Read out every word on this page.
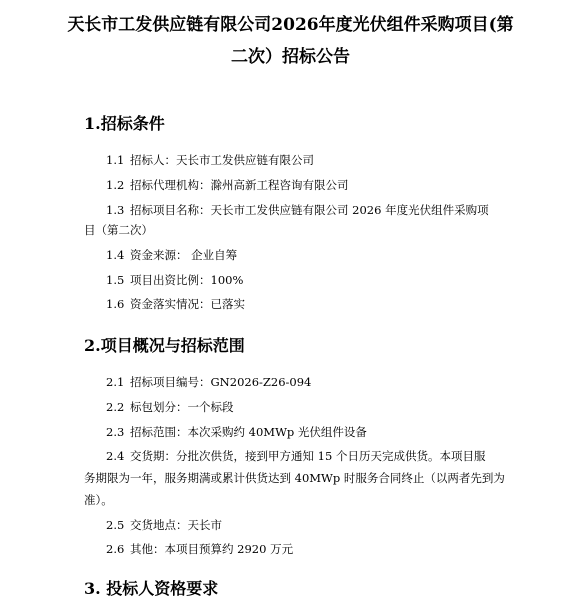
天长市工发供应链有限公司2026年度光伏组件采购项目(第
二次）招标公告
1.招标条件
1.1 招标人：天长市工发供应链有限公司
1.2 招标代理机构：滁州高新工程咨询有限公司
1.3 招标项目名称：天长市工发供应链有限公司 2026 年度光伏组件采购项
目（第二次）
1.4 资金来源： 企业自筹
1.5 项目出资比例：100%
1.6 资金落实情况：已落实
2.项目概况与招标范围
2.1 招标项目编号：GN2026-Z26-094
2.2 标包划分：一个标段
2.3 招标范围：本次采购约 40MWp 光伏组件设备
2.4 交货期：分批次供货，接到甲方通知 15 个日历天完成供货。本项目服
务期限为一年，服务期满或累计供货达到 40MWp 时服务合同终止（以两者先到为
准）。
2.5 交货地点：天长市
2.6 其他：本项目预算约 2920 万元
3. 投标人资格要求
